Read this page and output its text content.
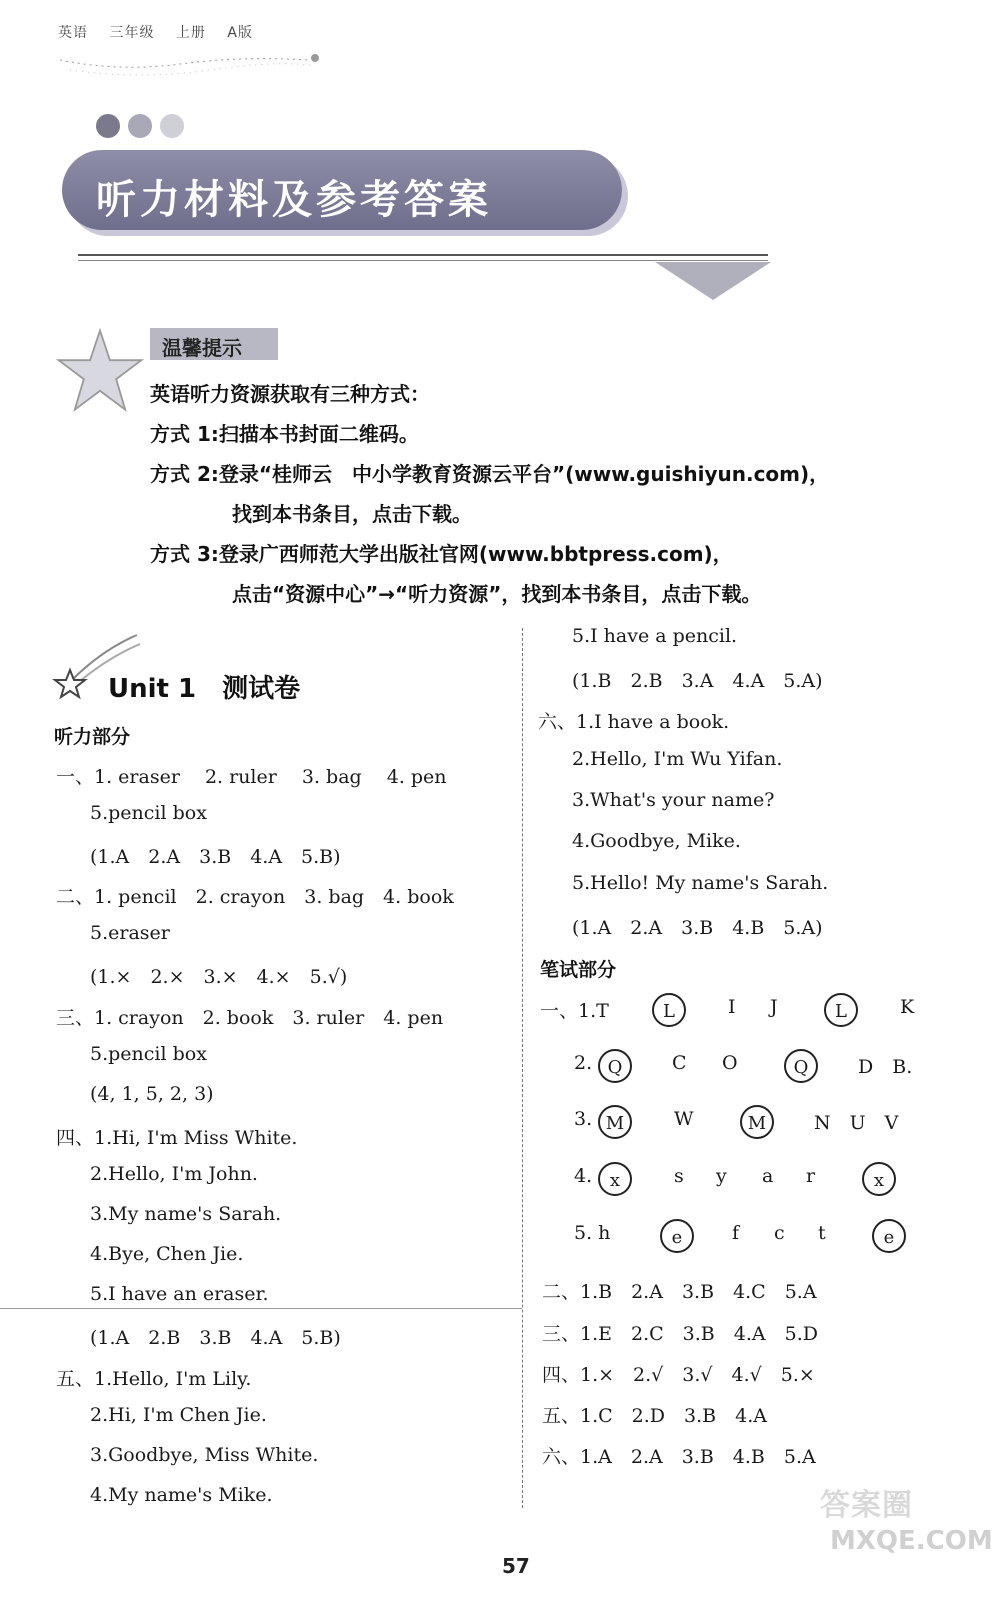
英语 三年级 上册 A版
听力材料及参考答案
温馨提示
英语听力资源获取有三种方式：
方式 1:扫描本书封面二维码。
方式 2:登录“桂师云　中小学教育资源云平台”(www.guishiyun.com)，
找到本书条目，点击下载。
方式 3:登录广西师范大学出版社官网(www.bbtpress.com)，
点击“资源中心”→“听力资源”，找到本书条目，点击下载。
Unit 1　测试卷
听力部分
一、1. eraser　 2. ruler　 3. bag　 4. pen
5.pencil box
(1.A　2.A　3.B　4.A　5.B)
二、1. pencil　2. crayon　3. bag　4. book
5.eraser
(1.×　2.×　3.×　4.×　5.√)
三、1. crayon　2. book　3. ruler　4. pen
5.pencil box
(4, 1, 5, 2, 3)
四、1.Hi, I'm Miss White.
2.Hello, I'm John.
3.My name's Sarah.
4.Bye, Chen Jie.
5.I have an eraser.
(1.A　2.B　3.B　4.A　5.B)
五、1.Hello, I'm Lily.
2.Hi, I'm Chen Jie.
3.Goodbye, Miss White.
4.My name's Mike.
5.I have a pencil.
(1.B　2.B　3.A　4.A　5.A)
六、1.I have a book.
2.Hello, I'm Wu Yifan.
3.What's your name?
4.Goodbye, Mike.
5.Hello! My name's Sarah.
(1.A　2.A　3.B　4.B　5.A)
笔试部分
一、1.T	L	I J	L	K
2. Q	C O	Q	D　B.
3. M	W	M	N　U　V
4. x	s y a r	x
5. h	e	f c t	e
二、1.B　2.A　3.B　4.C　5.A
三、1.E　2.C　3.B　4.A　5.D
四、1.×　2.√　3.√　4.√　5.×
五、1.C　2.D　3.B　4.A
六、1.A　2.A　3.B　4.B　5.A
答案圈
MXQE.COM
57
